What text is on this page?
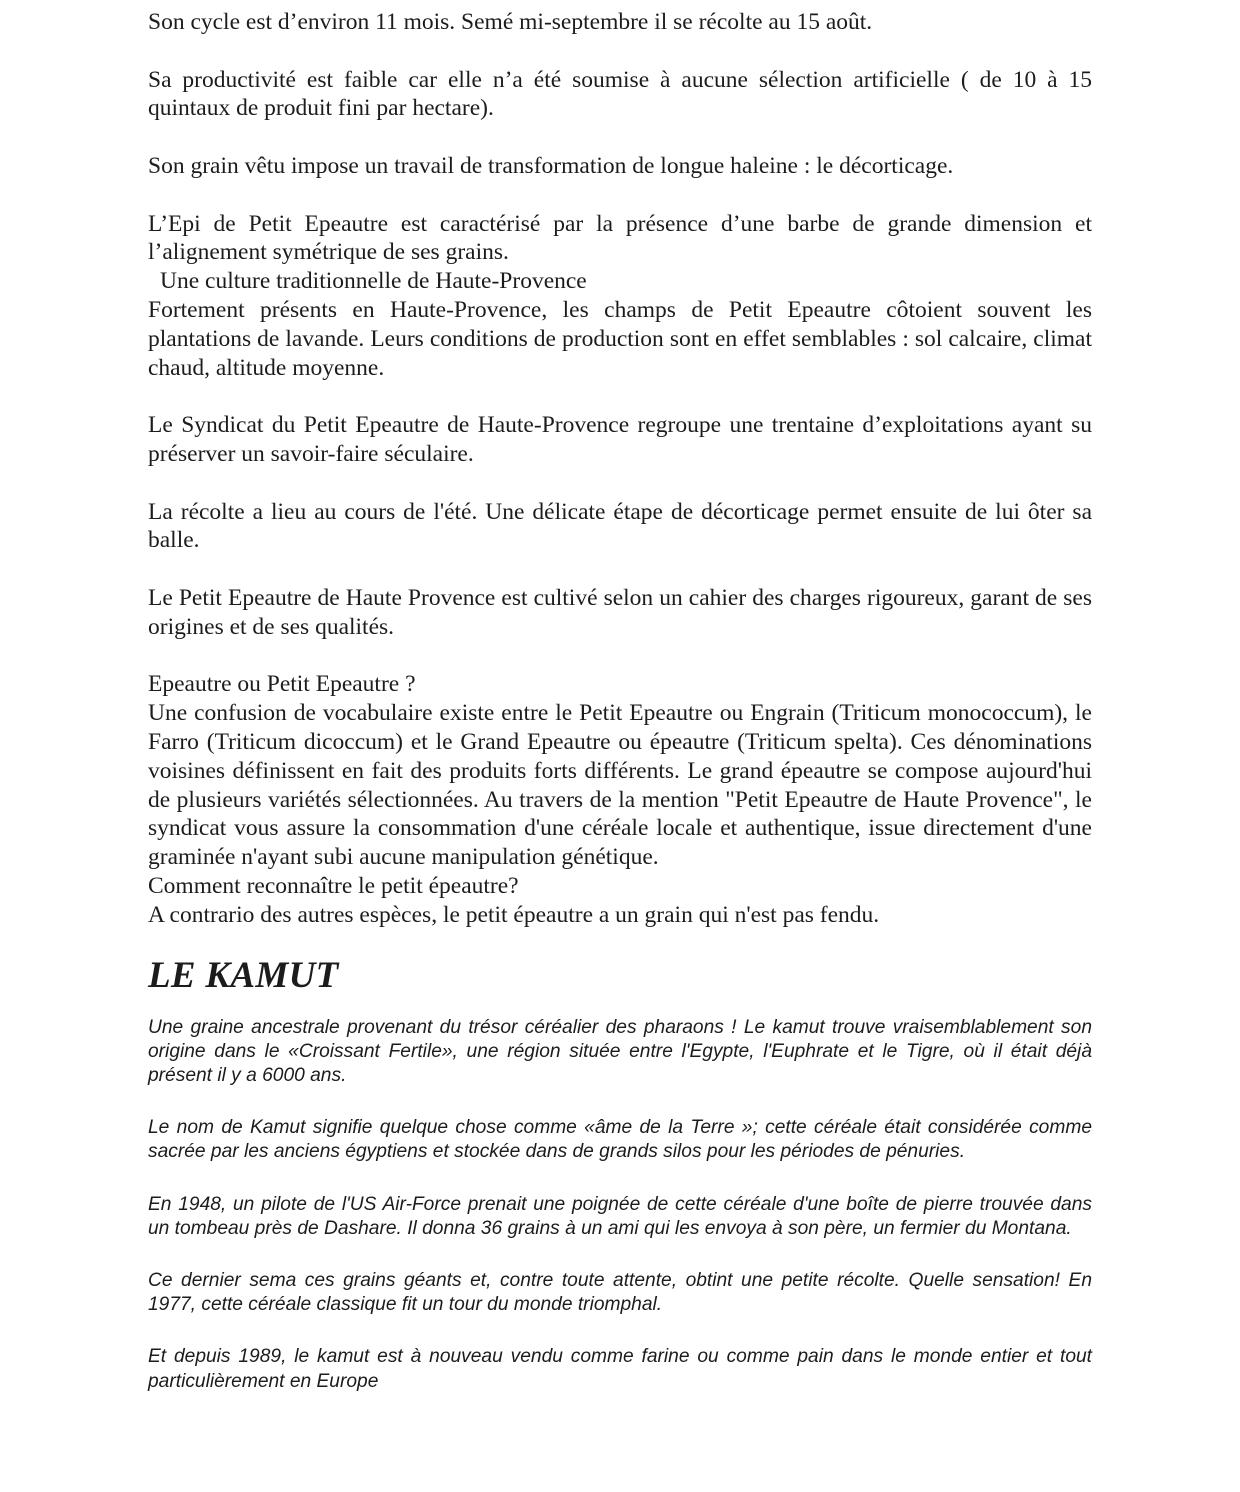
Son cycle est d’environ 11 mois. Semé mi-septembre il se récolte au 15 août.

Sa productivité est faible car elle n’a été soumise à aucune sélection artificielle ( de 10 à 15 quintaux de produit fini par hectare).

Son grain vêtu impose un travail de transformation de longue haleine : le décorticage.

L’Epi de Petit Epeautre est caractérisé par la présence d’une barbe de grande dimension et l’alignement symétrique de ses grains.

Une culture traditionnelle de Haute-Provence

Fortement présents en Haute-Provence, les champs de Petit Epeautre côtoient souvent les plantations de lavande. Leurs conditions de production sont en effet semblables : sol calcaire, climat chaud, altitude moyenne.

Le Syndicat du Petit Epeautre de Haute-Provence regroupe une trentaine d’exploitations ayant su préserver un savoir-faire séculaire.

La récolte a lieu au cours de l'été. Une délicate étape de décorticage permet ensuite de lui ôter sa balle.

Le Petit Epeautre de Haute Provence est cultivé selon un cahier des charges rigoureux, garant de ses origines et de ses qualités.

Epeautre ou Petit Epeautre ?

Une confusion de vocabulaire existe entre le Petit Epeautre ou Engrain (Triticum monococcum), le Farro (Triticum dicoccum) et le Grand Epeautre ou épeautre (Triticum spelta). Ces dénominations voisines définissent en fait des produits forts différents. Le grand épeautre se compose aujourd'hui de plusieurs variétés sélectionnées. Au travers de la mention "Petit Epeautre de Haute Provence", le syndicat vous assure la consommation d'une céréale locale et authentique, issue directement d'une graminée n'ayant subi aucune manipulation génétique.

Comment reconnaître le petit épeautre?

A contrario des autres espèces, le petit épeautre a un grain qui n'est pas fendu.

LE KAMUT

Une graine ancestrale provenant du trésor céréalier des pharaons ! Le kamut trouve vraisemblablement son origine dans le «Croissant Fertile», une région située entre l'Egypte, l'Euphrate et le Tigre, où il était déjà présent il y a 6000 ans.

Le nom de Kamut signifie quelque chose comme «âme de la Terre »; cette céréale était considérée comme sacrée par les anciens égyptiens et stockée dans de grands silos pour les périodes de pénuries.

En 1948, un pilote de l'US Air-Force prenait une poignée de cette céréale d'une boîte de pierre trouvée dans un tombeau près de Dashare. Il donna 36 grains à un ami qui les envoya à son père, un fermier du Montana.

Ce dernier sema ces grains géants et, contre toute attente, obtint une petite récolte. Quelle sensation! En 1977, cette céréale classique fit un tour du monde triomphal.

Et depuis 1989, le kamut est à nouveau vendu comme farine ou comme pain dans le monde entier et tout particulièrement en Europe
